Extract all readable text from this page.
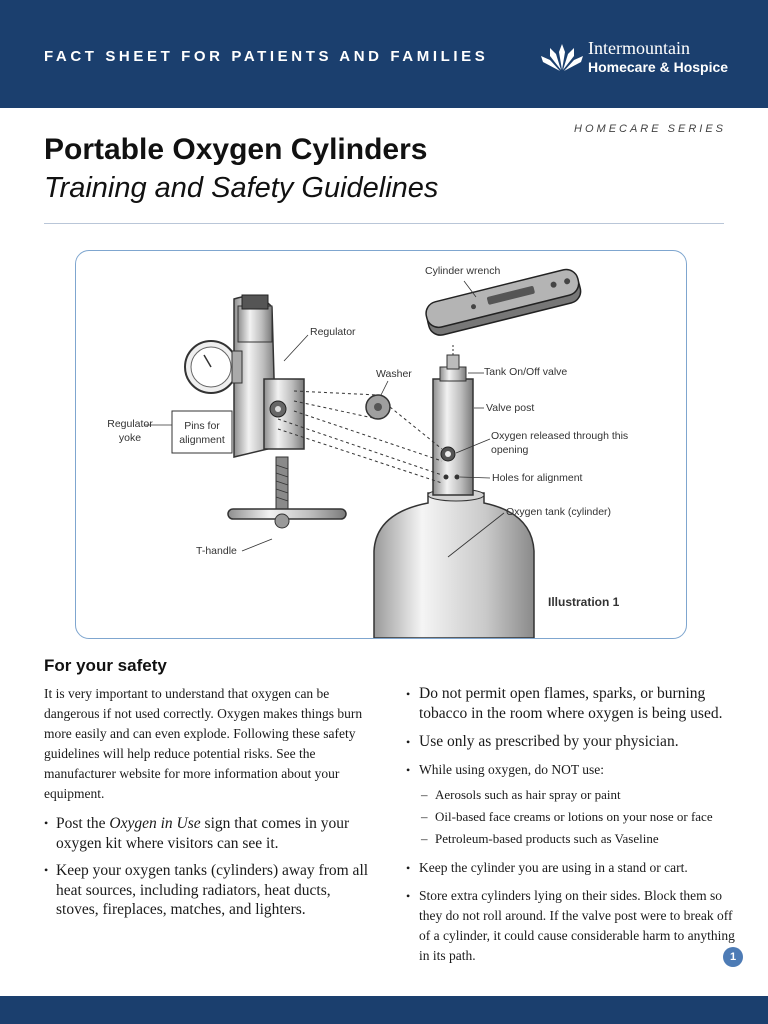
FACT SHEET FOR PATIENTS AND FAMILIES	Intermountain
Homecare & Hospice
HOMECARE SERIES
Portable Oxygen Cylinders
Training and Safety Guidelines
Cylinder wrench
Regulator
Washer	Tank On/Off valve
Valve post
Regulator yoke
Pins for alignment	Oxygen released through this opening
Holes for alignment
Oxygen tank (cylinder)
T-handle
Illustration 1
For your safety

It is very important to understand that oxygen can be dangerous if not used correctly. Oxygen makes things burn more easily and can even explode. Following these safety guidelines will help reduce potential risks. See the manufacturer website for more information about your equipment.

• Post the Oxygen in Use sign that comes in your oxygen kit where visitors can see it.
• Keep your oxygen tanks (cylinders) away from all heat sources, including radiators, heat ducts, stoves, fireplaces, matches, and lighters.
• Do not permit open flames, sparks, or burning tobacco in the room where oxygen is being used.
• Use only as prescribed by your physician.
• While using oxygen, do NOT use:
– Aerosols such as hair spray or paint
– Oil-based face creams or lotions on your nose or face
– Petroleum-based products such as Vaseline
• Keep the cylinder you are using in a stand or cart.
• Store extra cylinders lying on their sides. Block them so they do not roll around. If the valve post were to break off of a cylinder, it could cause considerable harm to anything in its path.	1
